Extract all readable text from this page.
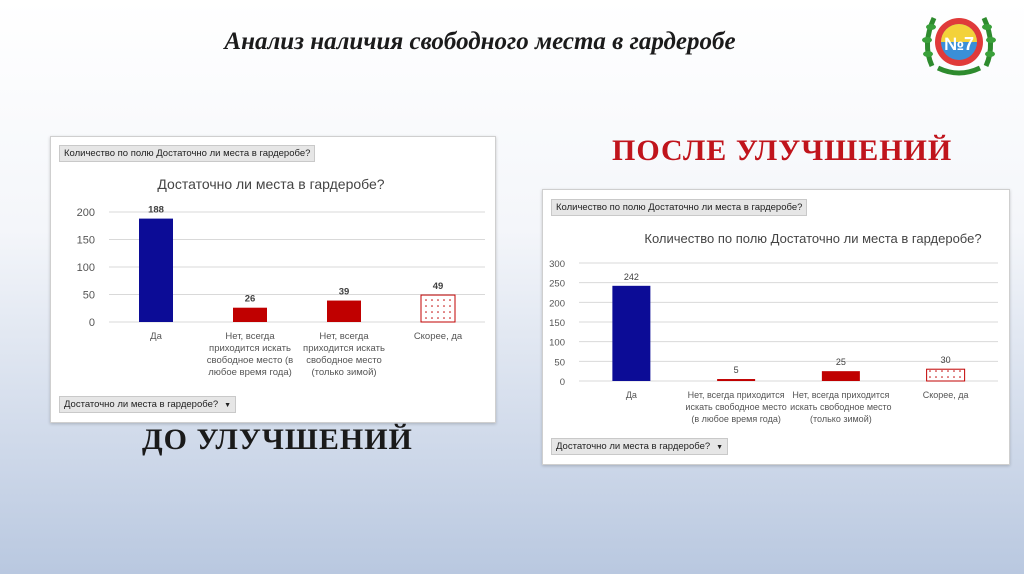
Анализ наличия свободного места в гардеробе	№7
ПОСЛЕ УЛУЧШЕНИЙ
ДО УЛУЧШЕНИЙ
Количество по полю Достаточно ли места в гардеробе?
Достаточно ли места в гардеробе?
0
50
100
150
200	188
Да
26
Нет, всегда приходится искать свободное место (в любое время года)
39
Нет, всегда приходится искать свободное место (только зимой)
49
Скорее, да
Достаточно ли места в гардеробе? ▼
Количество по полю Достаточно ли места в гардеробе?
Количество по полю Достаточно ли места в гардеробе?
0
50
100
150
200
250
300
242
Да
5
Нет, всегда приходится искать свободное место (в любое время года)
25
Нет, всегда приходится искать свободное место (только зимой)
30
Скорее, да
Достаточно ли места в гардеробе? ▼
